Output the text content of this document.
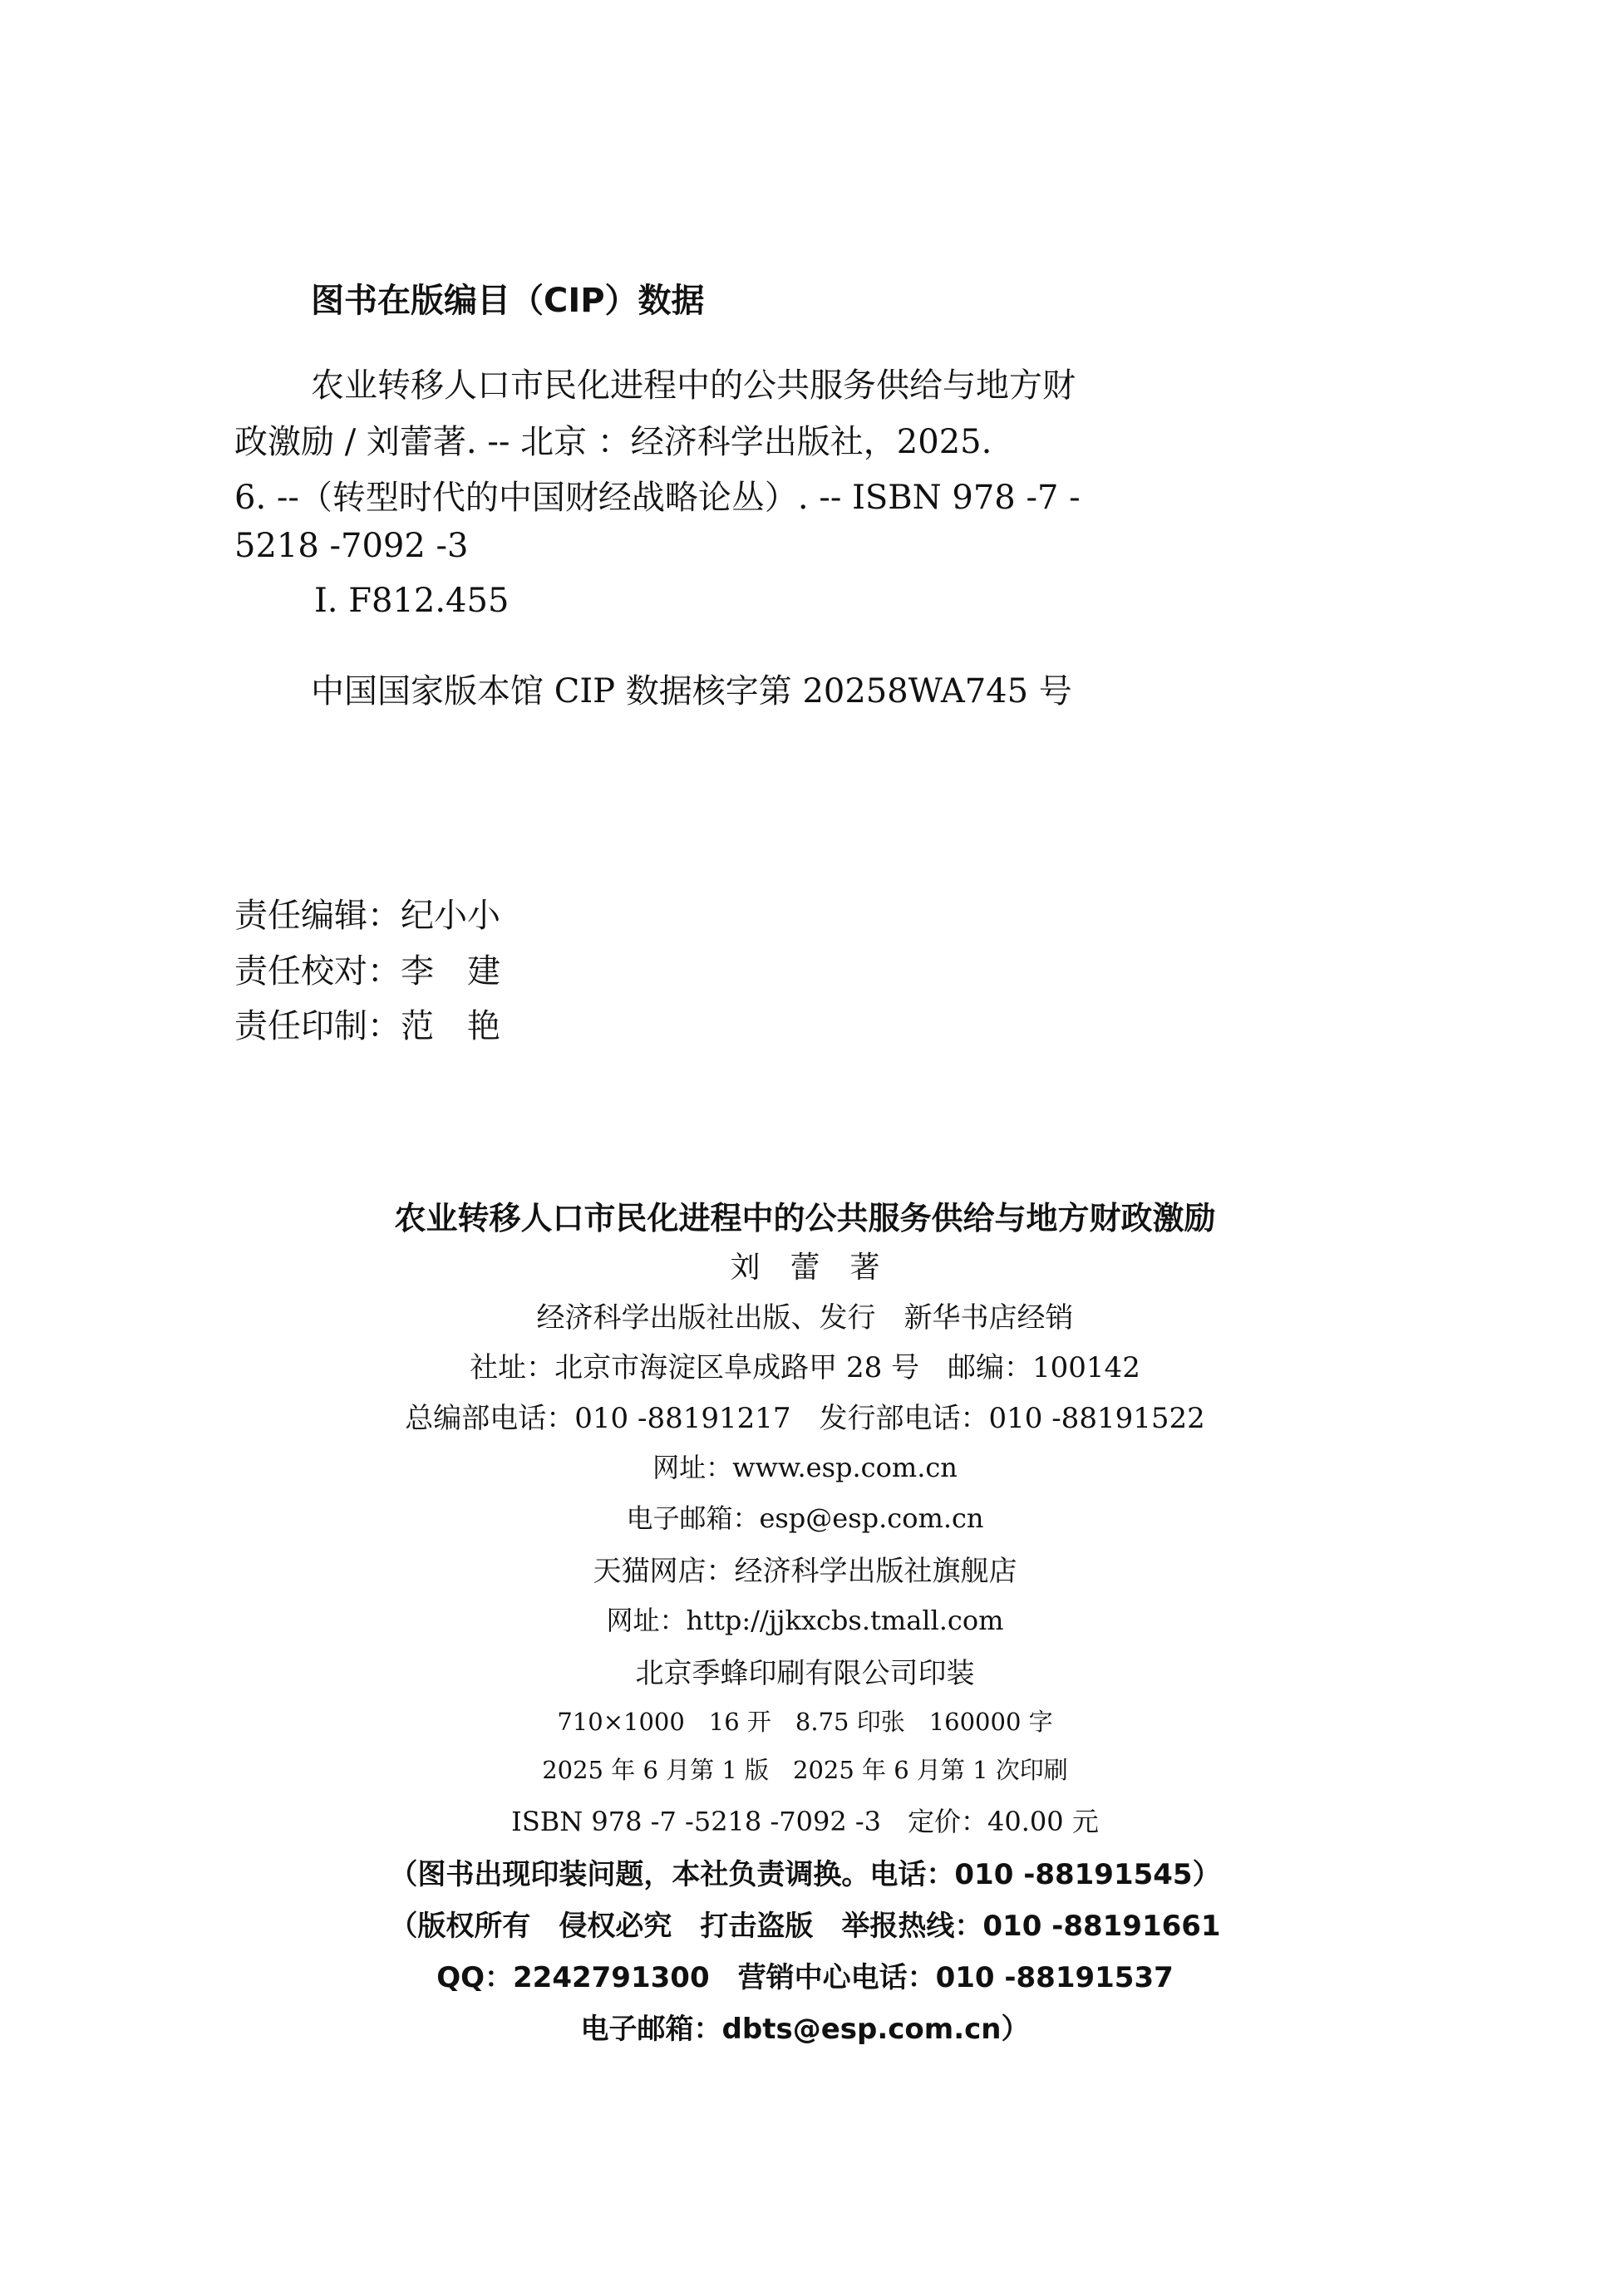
图书在版编目（CIP）数据
农业转移人口市民化进程中的公共服务供给与地方财
政激励 / 刘蕾著. -- 北京 ：经济科学出版社，2025.
6. --（转型时代的中国财经战略论丛）. -- ISBN 978 -7 -
5218 -7092 -3
Ⅰ. F812.455
中国国家版本馆 CIP 数据核字第 20258WA745 号
责任编辑：纪小小
责任校对：李　建
责任印制：范　艳
农业转移人口市民化进程中的公共服务供给与地方财政激励
刘　蕾　著
经济科学出版社出版、发行　新华书店经销
社址：北京市海淀区阜成路甲 28 号　邮编：100142
总编部电话：010 -88191217　发行部电话：010 -88191522
网址：www.esp.com.cn
电子邮箱：esp@esp.com.cn
天猫网店：经济科学出版社旗舰店
网址：http://jjkxcbs.tmall.com
北京季蜂印刷有限公司印装
710×1000　16 开　8.75 印张　160000 字
2025 年 6 月第 1 版　2025 年 6 月第 1 次印刷
ISBN 978 -7 -5218 -7092 -3　定价：40.00 元
（图书出现印装问题，本社负责调换。电话：010 -88191545）
（版权所有　侵权必究　打击盗版　举报热线：010 -88191661
QQ：2242791300　营销中心电话：010 -88191537
电子邮箱：dbts@esp.com.cn）
